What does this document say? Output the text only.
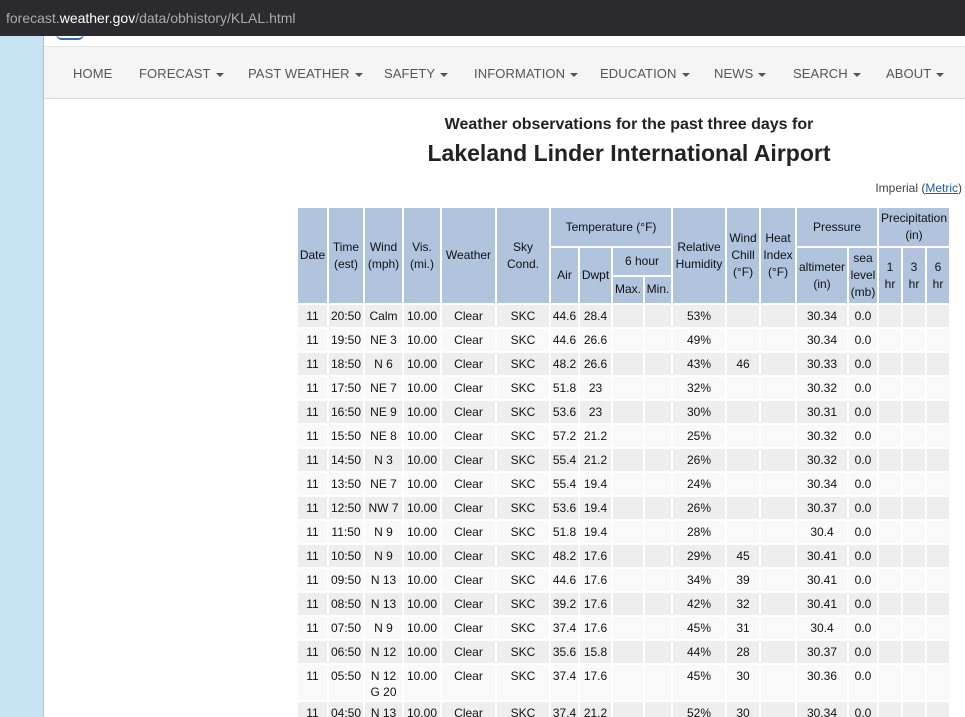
forecast.weather.gov/data/obhistory/KLAL.html
HOME FORECAST	PAST WEATHER	SAFETY	INFORMATION	EDUCATION	NEWS	SEARCH	ABOUT
Weather observations for the past three days for
Lakeland Linder International Airport
Imperial (Metric)
Date	Time (est)	Wind (mph)	Vis. (mi.)	Weather	Sky Cond.	Temperature (°F)				Relative Humidity	Wind Chill (°F)	Heat Index (°F)	Pressure		Precipitation (in)		
						Air	Dwpt	6 hour					altimeter (in)	sea level (mb)	1 hr	3 hr	6 hr
								Max.	Min.								
11	20:50	Calm	10.00	Clear	SKC	44.6	28.4			53%			30.34	0.0			
11	19:50	NE 3	10.00	Clear	SKC	44.6	26.6			49%			30.34	0.0			
11	18:50	N 6	10.00	Clear	SKC	48.2	26.6			43%	46		30.33	0.0			
11	17:50	NE 7	10.00	Clear	SKC	51.8	23			32%			30.32	0.0			
11	16:50	NE 9	10.00	Clear	SKC	53.6	23			30%			30.31	0.0			
11	15:50	NE 8	10.00	Clear	SKC	57.2	21.2			25%			30.32	0.0			
11	14:50	N 3	10.00	Clear	SKC	55.4	21.2			26%			30.32	0.0			
11	13:50	NE 7	10.00	Clear	SKC	55.4	19.4			24%			30.34	0.0			
11	12:50	NW 7	10.00	Clear	SKC	53.6	19.4			26%			30.37	0.0			
11	11:50	N 9	10.00	Clear	SKC	51.8	19.4			28%			30.4	0.0			
11	10:50	N 9	10.00	Clear	SKC	48.2	17.6			29%	45		30.41	0.0			
11	09:50	N 13	10.00	Clear	SKC	44.6	17.6			34%	39		30.41	0.0			
11	08:50	N 13	10.00	Clear	SKC	39.2	17.6			42%	32		30.41	0.0			
11	07:50	N 9	10.00	Clear	SKC	37.4	17.6			45%	31		30.4	0.0			
11	06:50	N 12	10.00	Clear	SKC	35.6	15.8			44%	28		30.37	0.0			
11	05:50	N 12 G 20	10.00	Clear	SKC	37.4	17.6			45%	30		30.36	0.0			
11	04:50	N 13	10.00	Clear	SKC	37.4	21.2			52%	30		30.34	0.0			
